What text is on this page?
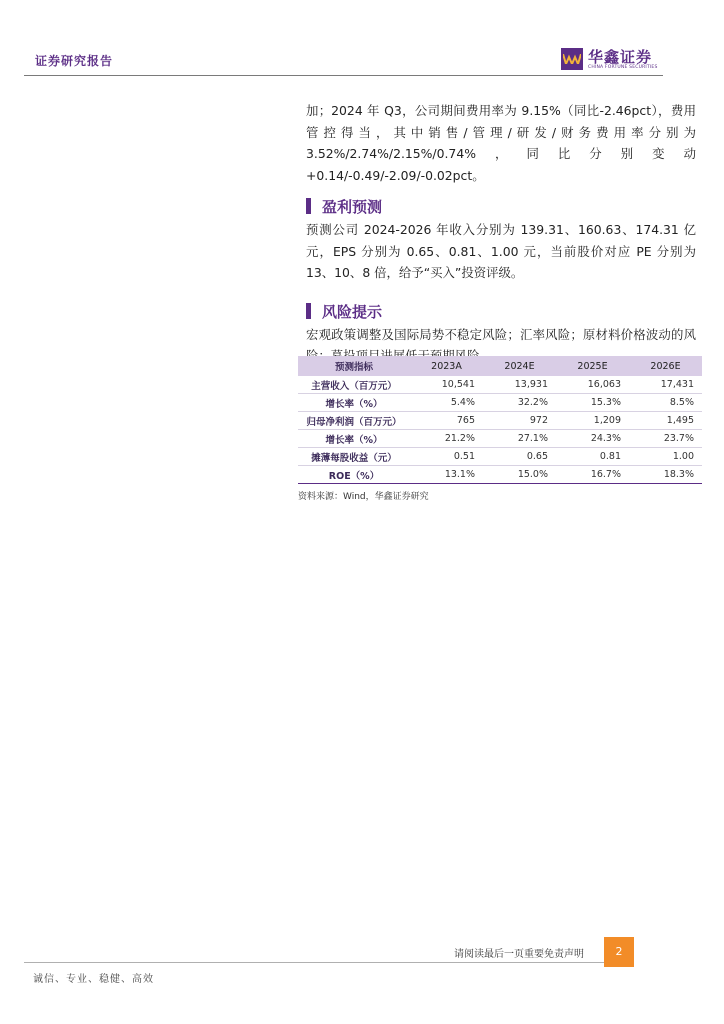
证券研究报告	华鑫证券
CHINA FORTUNE SECURITIES

加；2024 年 Q3，公司期间费用率为 9.15%（同比-2.46pct），费用管控得当，其中销售/管理/研发/财务费用率分别为 3.52%/2.74%/2.15%/0.74%，同比分别变动+0.14/-0.49/-2.09/-0.02pct。

盈利预测

预测公司 2024-2026 年收入分别为 139.31、160.63、174.31 亿元，EPS 分别为 0.65、0.81、1.00 元，当前股价对应 PE 分别为 13、10、8 倍，给予“买入”投资评级。

风险提示

宏观政策调整及国际局势不稳定风险；汇率风险；原材料价格波动的风

预测指标	2023A	2024E	2025E	2026E
主营收入（百万元）	10,541	13,931	16,063	17,431
增长率（%）	5.4%	32.2%	15.3%	8.5%
归母净利润（百万元）	765	972	1,209	1,495
增长率（%）	21.2%	27.1%	24.3%	23.7%
摊薄每股收益（元）	0.51	0.65	0.81	1.00
ROE（%）	13.1%	15.0%	16.7%	18.3%
资料来源：Wind，华鑫证券研究
请阅读最后一页重要免责声明	2
诚信、专业、稳健、高效
